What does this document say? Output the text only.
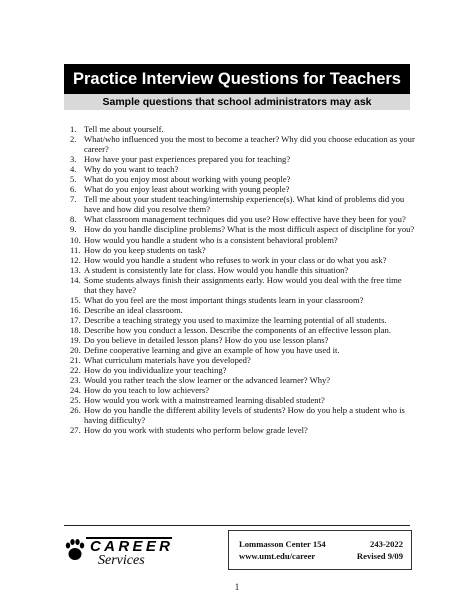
Practice Interview Questions for Teachers
Sample questions that school administrators may ask
1. Tell me about yourself.
2. What/who influenced you the most to become a teacher? Why did you choose education as your career?
3. How have your past experiences prepared you for teaching?
4. Why do you want to teach?
5. What do you enjoy most about working with young people?
6. What do you enjoy least about working with young people?
7. Tell me about your student teaching/internship experience(s). What kind of problems did you have and how did you resolve them?
8. What classroom management techniques did you use? How effective have they been for you?
9. How do you handle discipline problems? What is the most difficult aspect of discipline for you?
10. How would you handle a student who is a consistent behavioral problem?
11. How do you keep students on task?
12. How would you handle a student who refuses to work in your class or do what you ask?
13. A student is consistently late for class. How would you handle this situation?
14. Some students always finish their assignments early. How would you deal with the free time that they have?
15. What do you feel are the most important things students learn in your classroom?
16. Describe an ideal classroom.
17. Describe a teaching strategy you used to maximize the learning potential of all students.
18. Describe how you conduct a lesson. Describe the components of an effective lesson plan.
19. Do you believe in detailed lesson plans? How do you use lesson plans?
20. Define cooperative learning and give an example of how you have used it.
21. What curriculum materials have you developed?
22. How do you individualize your teaching?
23. Would you rather teach the slow learner or the advanced learner? Why?
24. How do you teach to low achievers?
25. How would you work with a mainstreamed learning disabled student?
26. How do you handle the different ability levels of students? How do you help a student who is having difficulty?
27. How do you work with students who perform below grade level?
CAREER
Services
Lommasson Center 154	243-2022
www.umt.edu/career	Revised 9/09
1
